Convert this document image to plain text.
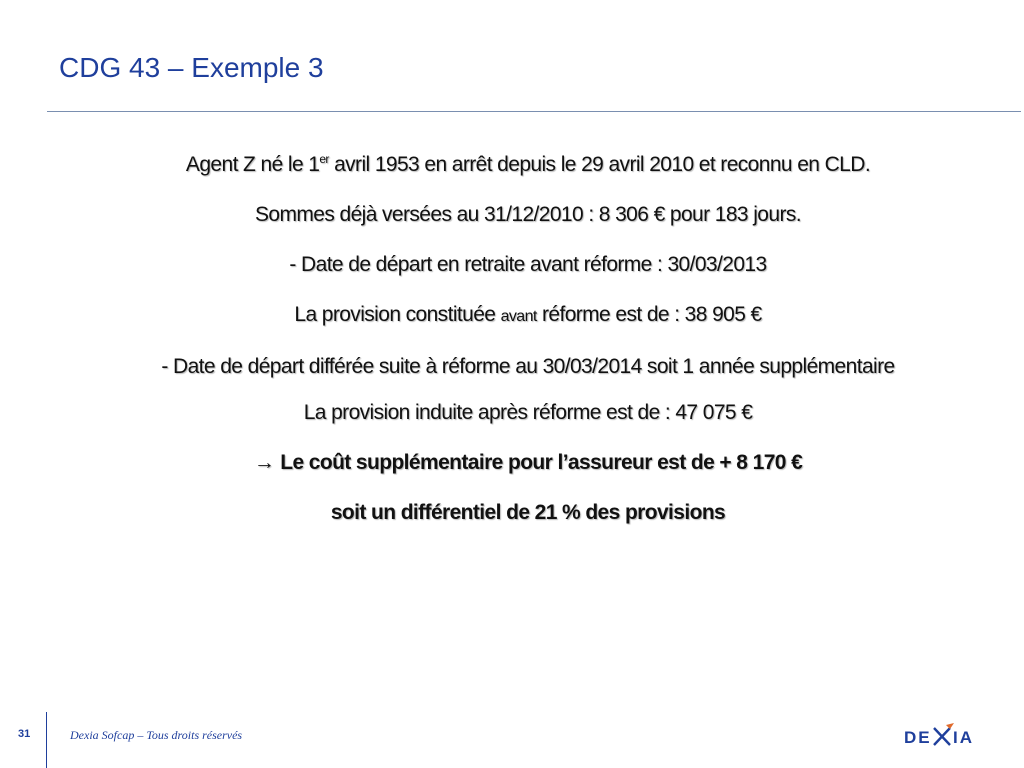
CDG 43 – Exemple 3

Agent Z né le 1er avril 1953 en arrêt depuis le 29 avril 2010 et reconnu en CLD.

Sommes déjà versées au 31/12/2010 : 8 306 € pour 183 jours.

- Date de départ en retraite avant réforme : 30/03/2013

La provision constituée avant réforme est de : 38 905 €

- Date de départ différée suite à réforme au 30/03/2014 soit 1 année supplémentaire

La provision induite après réforme est de : 47 075 €

→ Le coût supplémentaire pour l’assureur est de + 8 170 €

soit un différentiel de 21 % des provisions

31	Dexia Sofcap – Tous droits réservés	DE IA
